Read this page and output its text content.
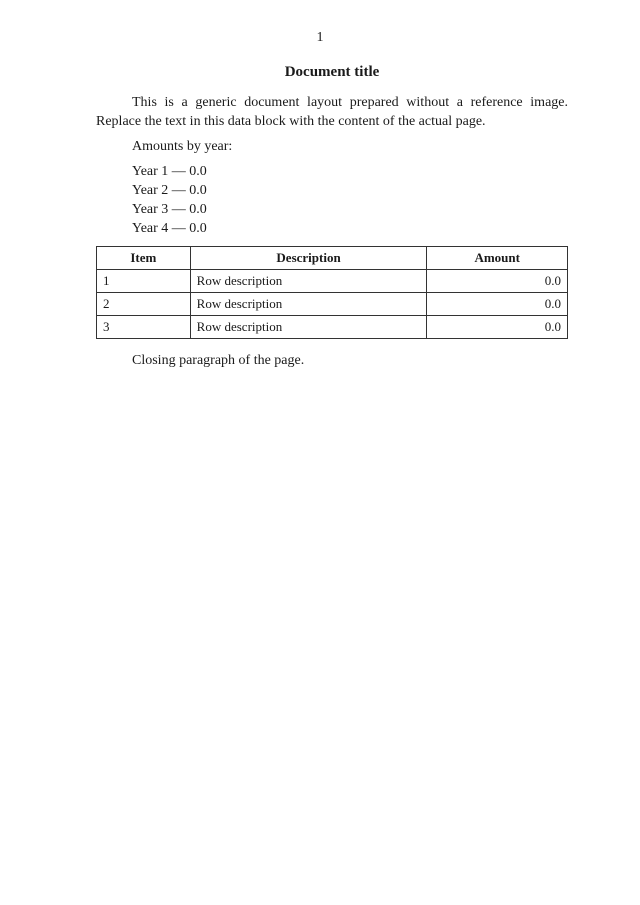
1
Document title

This is a generic document layout prepared without a reference image. Replace the text in this data block with the content of the actual page.

Amounts by year:

Year 1 — 0.0
Year 2 — 0.0
Year 3 — 0.0
Year 4 — 0.0
Item	Description	Amount
1	Row description	0.0
2	Row description	0.0
3	Row description	0.0

Closing paragraph of the page.
